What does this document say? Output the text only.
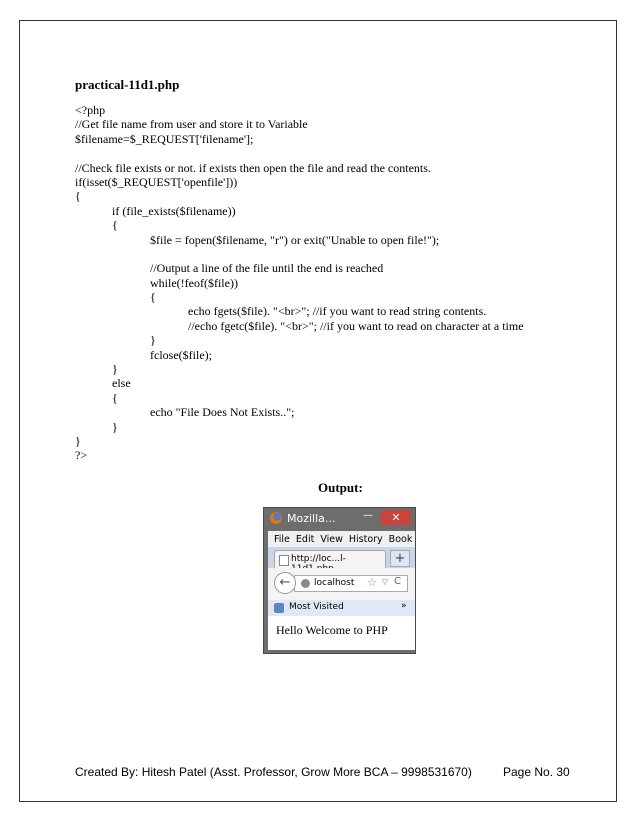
practical-11d1.php
<?php
//Get file name from user and store it to Variable
$filename=$_REQUEST['filename'];
//Check file exists or not. if exists then open the file and read the contents.
if(isset($_REQUEST['openfile']))
{
if (file_exists($filename))
{
$file = fopen($filename, "r") or exit("Unable to open file!");
//Output a line of the file until the end is reached
while(!feof($file))
{
echo fgets($file). "<br>"; //if you want to read string contents.
//echo fgetc($file). "<br>"; //if you want to read on character at a time
}
fclose($file);
}
else
{
echo "File Does Not Exists..";
}
}
?>
Output:
Mozilla...	—	✕
File Edit View History Book
http://loc...l-	+
localhost ☆ ▽ C
←
Most Visited	»
Hello Welcome to PHP
Created By: Hitesh Patel (Asst. Professor, Grow More BCA – 9998531670)	Page No. 30
